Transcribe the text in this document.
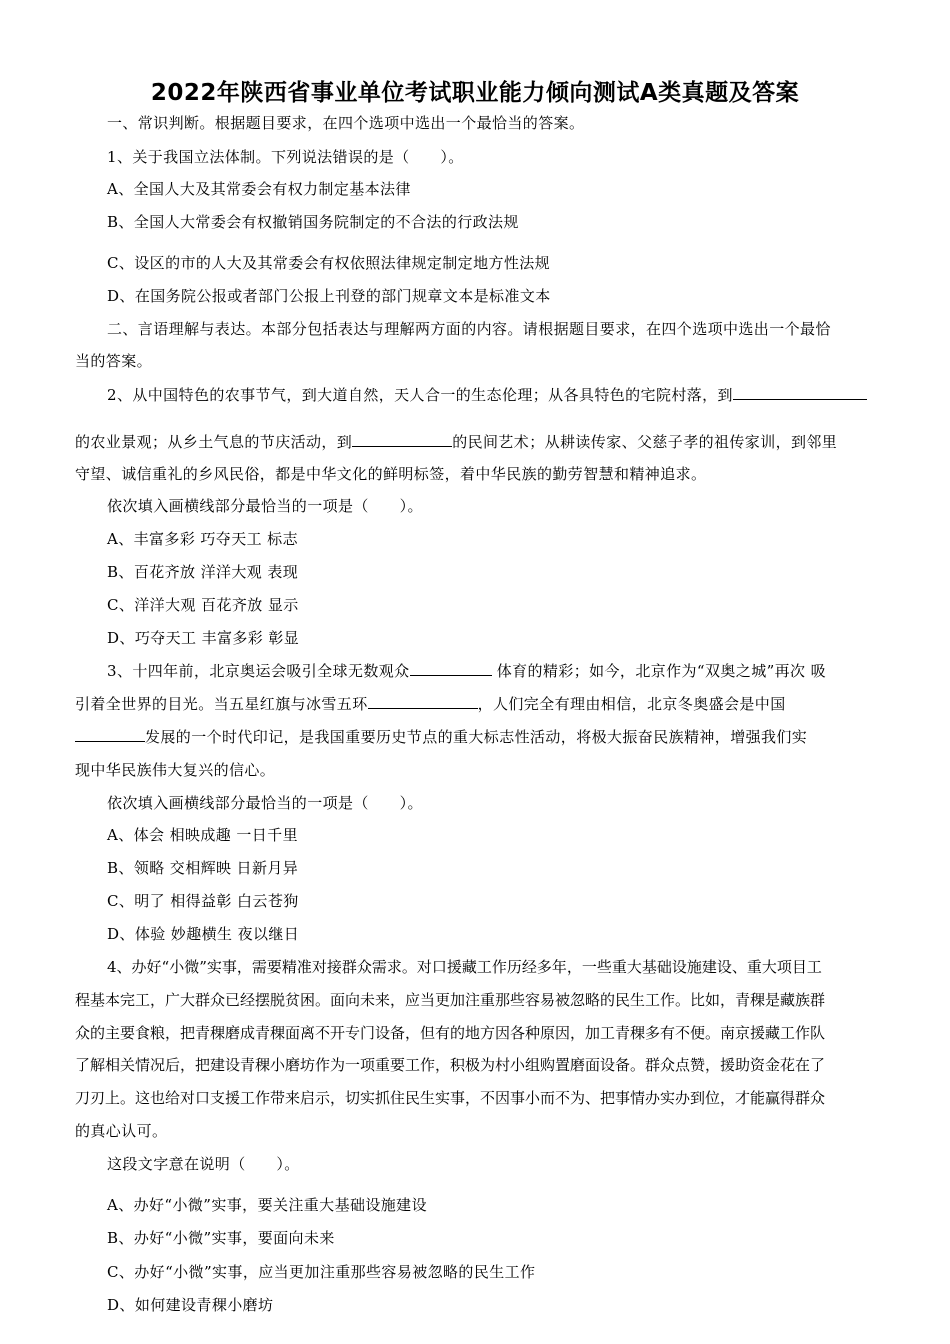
2022年陕西省事业单位考试职业能力倾向测试A类真题及答案
一、常识判断。根据题目要求，在四个选项中选出一个最恰当的答案。
1、关于我国立法体制。下列说法错误的是（　　）。
A、全国人大及其常委会有权力制定基本法律
B、全国人大常委会有权撤销国务院制定的不合法的行政法规
C、设区的市的人大及其常委会有权依照法律规定制定地方性法规
D、在国务院公报或者部门公报上刊登的部门规章文本是标准文本
二、言语理解与表达。本部分包括表达与理解两方面的内容。请根据题目要求，在四个选项中选出一个最恰
当的答案。
2、从中国特色的农事节气，到大道自然，天人合一的生态伦理；从各具特色的宅院村落，到
的农业景观；从乡土气息的节庆活动，到	的民间艺术；从耕读传家、父慈子孝的祖传家训，到邻里
守望、诚信重礼的乡风民俗，都是中华文化的鲜明标签，着中华民族的勤劳智慧和精神追求。
依次填入画横线部分最恰当的一项是（　　）。
A、丰富多彩 巧夺天工 标志
B、百花齐放 洋洋大观 表现
C、洋洋大观 百花齐放 显示
D、巧夺天工 丰富多彩 彰显
3、十四年前，北京奥运会吸引全球无数观众	体育的精彩；如今，北京作为“双奥之城”再次 吸
引着全世界的目光。当五星红旗与冰雪五环	，人们完全有理由相信，北京冬奥盛会是中国
发展的一个时代印记，是我国重要历史节点的重大标志性活动，将极大振奋民族精神，增强我们实
现中华民族伟大复兴的信心。
依次填入画横线部分最恰当的一项是（　　）。
A、体会 相映成趣 一日千里
B、领略 交相辉映 日新月异
C、明了 相得益彰 白云苍狗
D、体验 妙趣横生 夜以继日
4、办好“小微”实事，需要精准对接群众需求。对口援藏工作历经多年，一些重大基础设施建设、重大项目工
程基本完工，广大群众已经摆脱贫困。面向未来，应当更加注重那些容易被忽略的民生工作。比如，青稞是藏族群
众的主要食粮，把青稞磨成青稞面离不开专门设备，但有的地方因各种原因，加工青稞多有不便。南京援藏工作队
了解相关情况后，把建设青稞小磨坊作为一项重要工作，积极为村小组购置磨面设备。群众点赞，援助资金花在了
刀刃上。这也给对口支援工作带来启示，切实抓住民生实事，不因事小而不为、把事情办实办到位，才能赢得群众
的真心认可。
这段文字意在说明（　　）。
A、办好“小微”实事，要关注重大基础设施建设
B、办好“小微”实事，要面向未来
C、办好“小微”实事，应当更加注重那些容易被忽略的民生工作
D、如何建设青稞小磨坊
